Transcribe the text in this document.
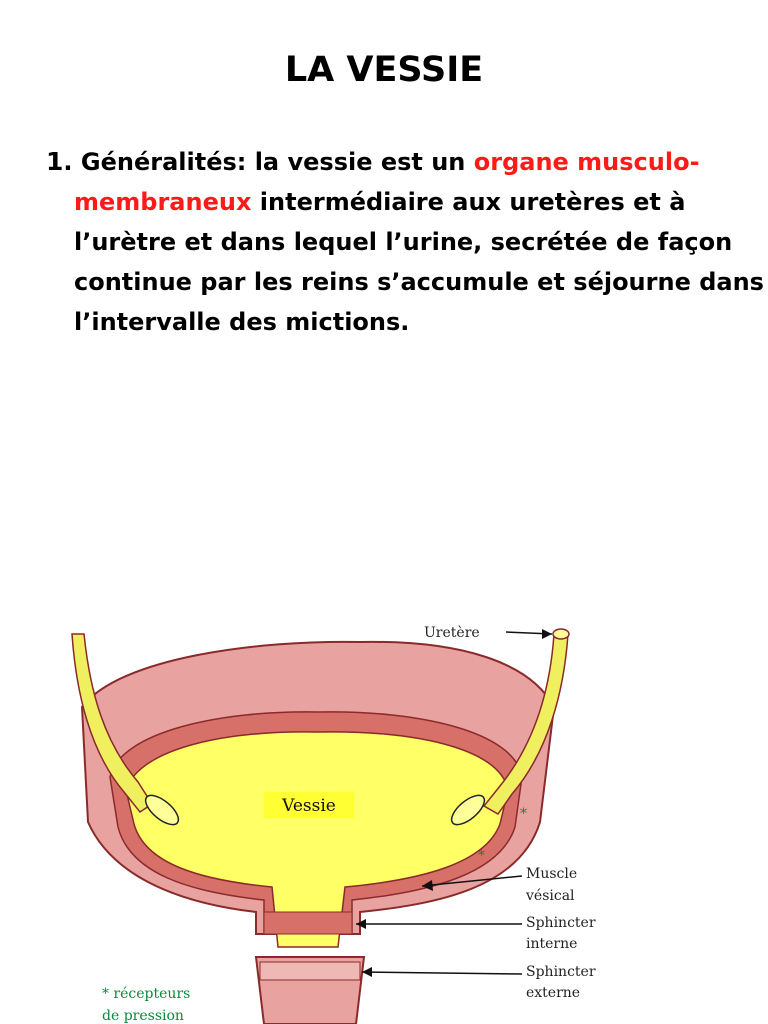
LA VESSIE
1. Généralités: la vessie est un organe musculo-membraneux intermédiaire aux uretères et à l’urètre et dans lequel l’urine, secrétée de façon continue par les reins s’accumule et séjourne dans l’intervalle des mictions.
Vessie	*
*
Uretère
Muscle
vésical
Sphincter
interne
Sphincter
externe
* récepteurs
de pression
